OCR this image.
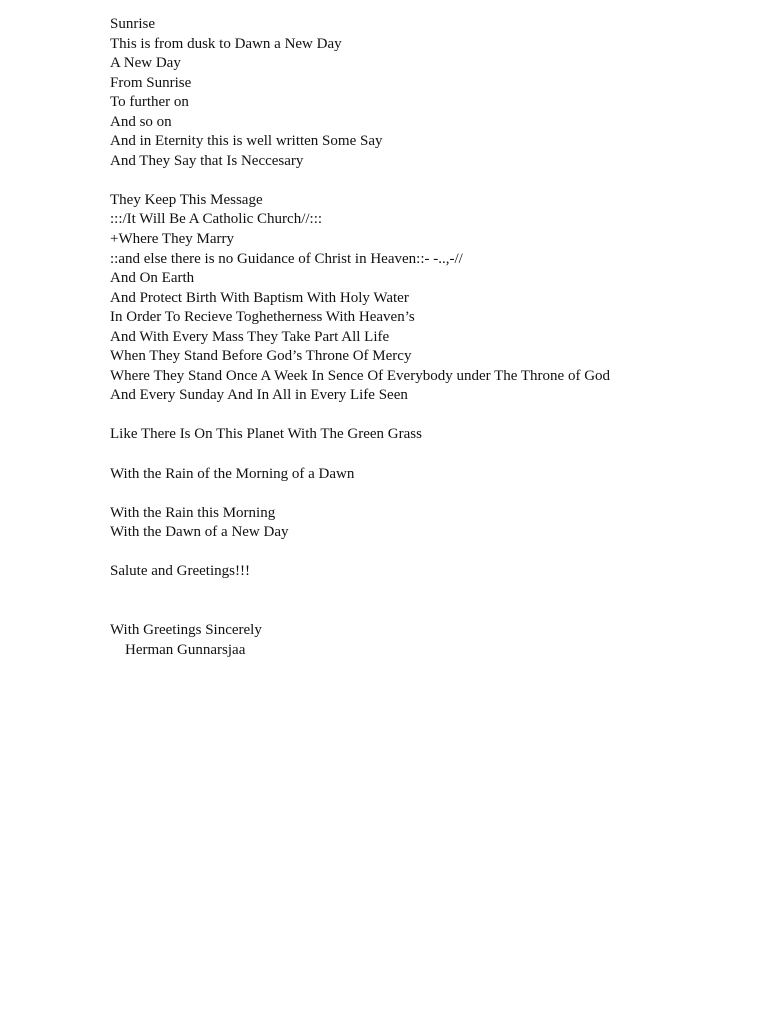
Sunrise
This is from dusk to Dawn a New Day
A New Day
From Sunrise
To further on
And so on
And in Eternity this is well written Some Say
And They Say that Is Neccesary
They Keep This Message
:::/It Will Be A Catholic Church//:::
+Where They Marry
::and else there is no Guidance of Christ in Heaven::- -..,-//
And On Earth
And Protect Birth With Baptism With Holy Water
In Order To Recieve Toghetherness With Heaven’s
And With Every Mass They Take Part All Life
When They Stand Before God’s Throne Of Mercy
Where They Stand Once A Week In Sence Of Everybody under The Throne of God
And Every Sunday And In All in Every Life Seen
Like There Is On This Planet With The Green Grass
With the Rain of the Morning of a Dawn
With the Rain this Morning
With the Dawn of a New Day
Salute and Greetings!!!
With Greetings Sincerely
Herman Gunnarsjaa
